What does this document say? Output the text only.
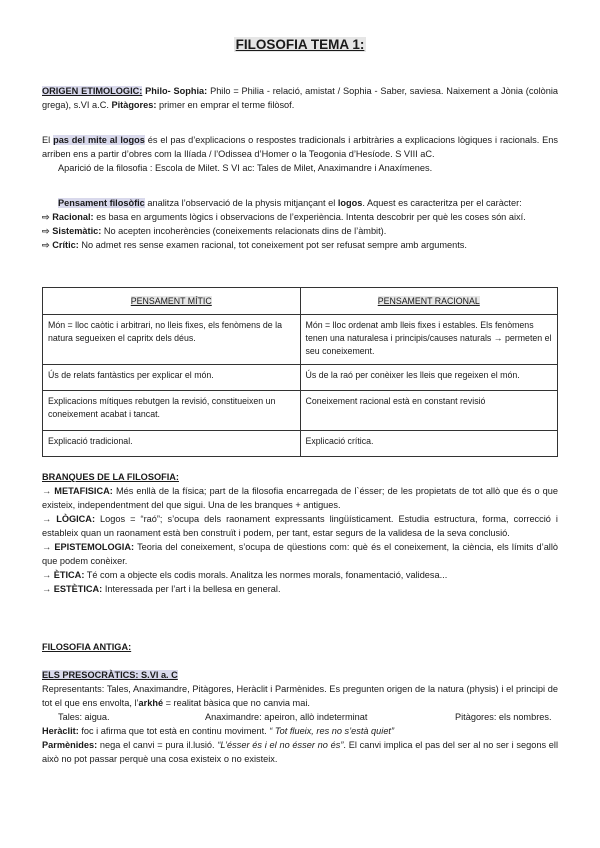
FILOSOFIA TEMA 1:

ORIGEN ETIMOLOGIC: Philo- Sophia: Philo = Philia - relació, amistat / Sophia - Saber, saviesa. Naixement a Jònia (colònia grega), s.VI a.C. Pitàgores: primer en emprar el terme filòsof.

El pas del mite al logos és el pas d’explicacions o respostes tradicionals i arbitràries a explicacions lògiques i racionals. Ens arriben ens a partir d’obres com la Ilíada / l’Odissea d’Homer o la Teogonia d’Hesíode. S VIII aC.

Aparició de la filosofia : Escola de Milet. S VI ac: Tales de Milet, Anaximandre i Anaxímenes.

Pensament filosòfic analitza l’observació de la physis mitjançant el logos. Aquest es caracteritza per el caràcter:

⇨ Racional: es basa en arguments lògics i observacions de l’experiència. Intenta descobrir per què les coses són així.

⇨ Sistemàtic: No acepten incoherències (coneixements relacionats dins de l’àmbit).

⇨ Crític: No admet res sense examen racional, tot coneixement pot ser refusat sempre amb arguments.

PENSAMENT MÍTIC	PENSAMENT RACIONAL
Món = lloc caòtic i arbitrari, no lleis fixes, els fenòmens de la natura segueixen el capritx dels déus.	Món = lloc ordenat amb lleis fixes i estables. Els fenòmens tenen una naturalesa i principis/causes naturals → permeten el seu coneixement.
Ús de relats fantàstics per explicar el món.	Ús de la raó per conèixer les lleis que regeixen el món.
Explicacions mítiques rebutgen la revisió, constitueixen un coneixement acabat i tancat.	Coneixement racional està en constant revisió
Explicació tradicional.	Explicació crítica.

BRANQUES DE LA FILOSOFIA:

→ METAFISICA: Més enllà de la física; part de la filosofia encarregada de l`ésser; de les propietats de tot allò que és o que existeix, independentment del que sigui. Una de les branques + antigues.

→ LÒGICA: Logos = “raó”; s’ocupa dels raonament expressants lingüísticament. Estudia estructura, forma, correcció i estableix quan un raonament està ben construït i podem, per tant, estar segurs de la validesa de la seva conclusió.

→ EPISTEMOLOGIA: Teoria del coneixement, s’ocupa de qüestions com: què és el coneixement, la ciència, els límits d’allò que podem conèixer.

→ ÈTICA: Té com a objecte els codis morals. Analitza les normes morals, fonamentació, validesa...

→ ESTÈTICA: Interessada per l’art i la bellesa en general.

FILOSOFIA ANTIGA:

ELS PRESOCRÀTICS: S.VI a. C

Representants: Tales, Anaximandre, Pitàgores, Heràclit i Parmènides. Es pregunten origen de la natura (physis) i el principi de tot el que ens envolta, l’arkhé = realitat bàsica que no canvia mai.

Tales: aigua.	Anaximandre: apeiron, allò indeterminat	Pitàgores: els nombres.

Heràclit: foc i afirma que tot està en continu moviment. “ Tot flueix, res no s’està quiet”

Parmènides: nega el canvi = pura il.lusió. “L’ésser és i el no ésser no és”. El canvi implica el pas del ser al no ser i segons ell això no pot passar perquè una cosa existeix o no existeix.
